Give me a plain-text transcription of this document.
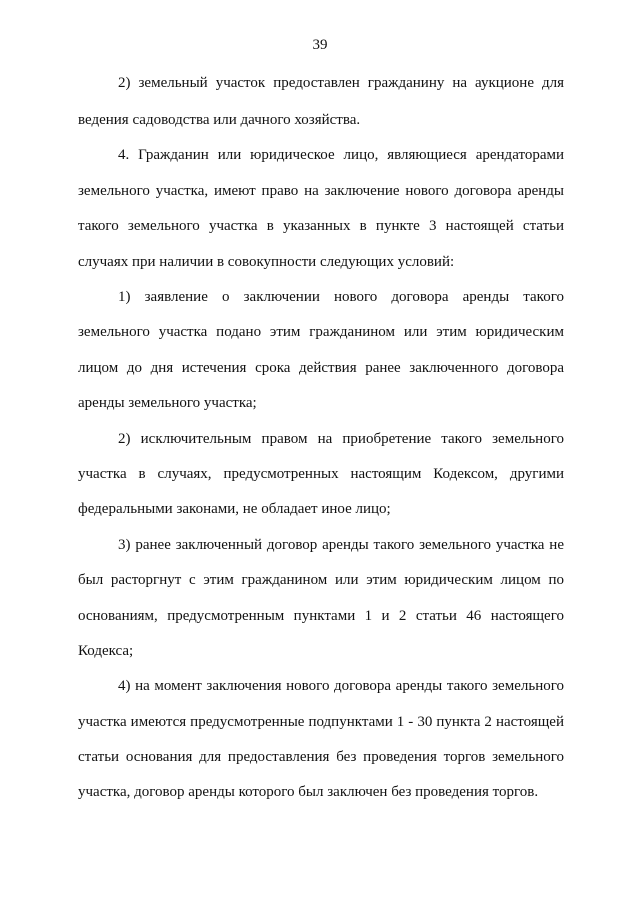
39
2) земельный участок предоставлен гражданину на аукционе для
ведения садоводства или дачного хозяйства.
4. Гражданин или юридическое лицо, являющиеся арендаторами
земельного участка, имеют право на заключение нового договора аренды
такого земельного участка в указанных в пункте 3 настоящей статьи
случаях при наличии в совокупности следующих условий:
1) заявление о заключении нового договора аренды такого
земельного участка подано этим гражданином или этим юридическим
лицом до дня истечения срока действия ранее заключенного договора
аренды земельного участка;
2) исключительным правом на приобретение такого земельного
участка в случаях, предусмотренных настоящим Кодексом, другими
федеральными законами, не обладает иное лицо;
3) ранее заключенный договор аренды такого земельного участка не
был расторгнут с этим гражданином или этим юридическим лицом по
основаниям, предусмотренным пунктами 1 и 2 статьи 46 настоящего
Кодекса;
4) на момент заключения нового договора аренды такого земельного
участка имеются предусмотренные подпунктами 1 - 30 пункта 2 настоящей
статьи основания для предоставления без проведения торгов земельного
участка, договор аренды которого был заключен без проведения торгов.
